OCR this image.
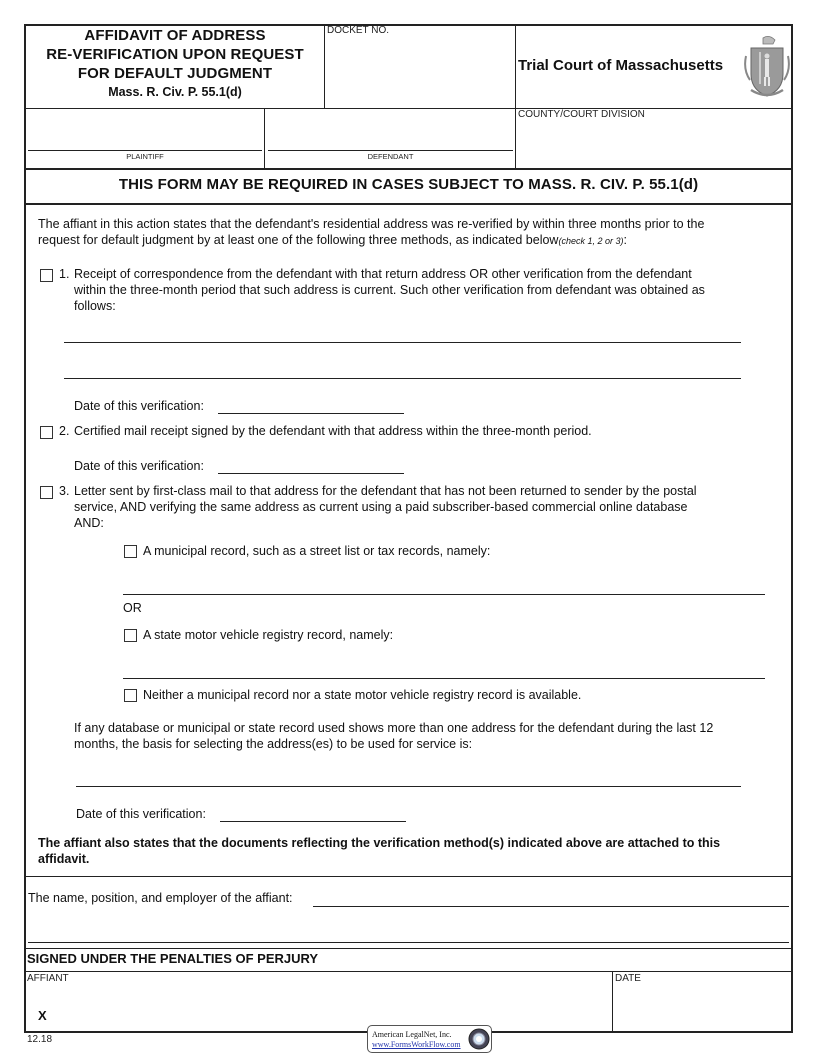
AFFIDAVIT OF ADDRESS
RE-VERIFICATION UPON REQUEST
FOR DEFAULT JUDGMENT
Mass. R. Civ. P. 55.1(d)
DOCKET NO.
Trial Court of Massachusetts
PLAINTIFF	DEFENDANT
COUNTY/COURT DIVISION
THIS FORM MAY BE REQUIRED IN CASES SUBJECT TO MASS. R. CIV. P. 55.1(d)
The affiant in this action states that the defendant's residential address was re-verified by within three months prior to the
request for default judgment by at least one of the following three methods, as indicated below(check 1, 2 or 3):
1. Receipt of correspondence from the defendant with that return address OR other verification from the defendant
within the three-month period that such address is current. Such other verification from defendant was obtained as
follows:
Date of this verification:
2. Certified mail receipt signed by the defendant with that address within the three-month period.
Date of this verification:
3. Letter sent by first-class mail to that address for the defendant that has not been returned to sender by the postal
service, AND verifying the same address as current using a paid subscriber-based commercial online database
AND:
A municipal record, such as a street list or tax records, namely:
OR
A state motor vehicle registry record, namely:
Neither a municipal record nor a state motor vehicle registry record is available.
If any database or municipal or state record used shows more than one address for the defendant during the last 12
months, the basis for selecting the address(es) to be used for service is:
Date of this verification:
The affiant also states that the documents reflecting the verification method(s) indicated above are attached to this
affidavit.
The name, position, and employer of the affiant:
SIGNED UNDER THE PENALTIES OF PERJURY
AFFIANT
X
DATE
12.18	American LegalNet, Inc.
www.FormsWorkFlow.com
